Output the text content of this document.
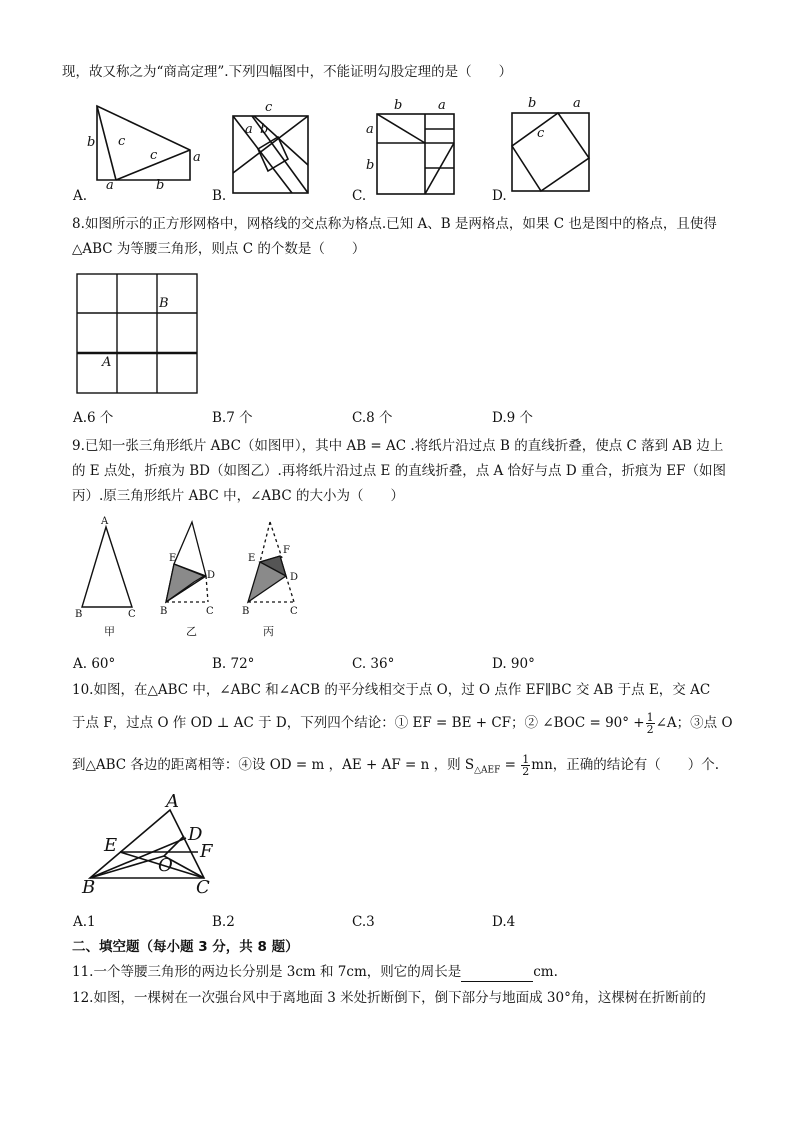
现，故又称之为“商高定理”.下列四幅图中，不能证明勾股定理的是（　　）
b c
c	a
a	b
c
a b
b	a
a
b
b	a
c
A.	B.	C.	D.
8.如图所示的正方形网格中，网格线的交点称为格点.已知 A、B 是两格点，如果 C 也是图中的格点，且使得
△ABC 为等腰三角形，则点 C 的个数是（　　）
B
A
A.6 个	B.7 个	C.8 个	D.9 个
9.已知一张三角形纸片 ABC（如图甲），其中 AB = AC .将纸片沿过点 B 的直线折叠，使点 C 落到 AB 边上
的 E 点处，折痕为 BD（如图乙）.再将纸片沿过点 E 的直线折叠，点 A 恰好与点 D 重合，折痕为 EF（如图
丙）.原三角形纸片 ABC 中，∠ABC 的大小为（　　）
A
B	C
甲
E
D
B	C
乙
E
F
D
B	C
丙
A. 60°	B. 72°	C. 36°	D. 90°
10.如图，在△ABC 中，∠ABC 和∠ACB 的平分线相交于点 O，过 O 点作 EF∥BC 交 AB 于点 E，交 AC
于点 F，过点 O 作 OD ⊥ AC 于 D，下列四个结论：① EF = BE + CF；② ∠BOC = $90^\circ + \frac{1}{2}$ ∠A；③点 O
到△ABC 各边的距离相等：④设 OD = m ，AE + AF = n ，则 $S_{\triangle AEF} = \frac{1}{2}$ mn，正确的结论有（　　）个.
A
D
E	F
O
B	C
A.1	B.2	C.3	D.4
二、填空题（每小题 3 分，共 8 题）
11.一个等腰三角形的两边长分别是 3cm 和 7cm，则它的周长是	cm.
12.如图，一棵树在一次强台风中于离地面 3 米处折断倒下，倒下部分与地面成 30°角，这棵树在折断前的
